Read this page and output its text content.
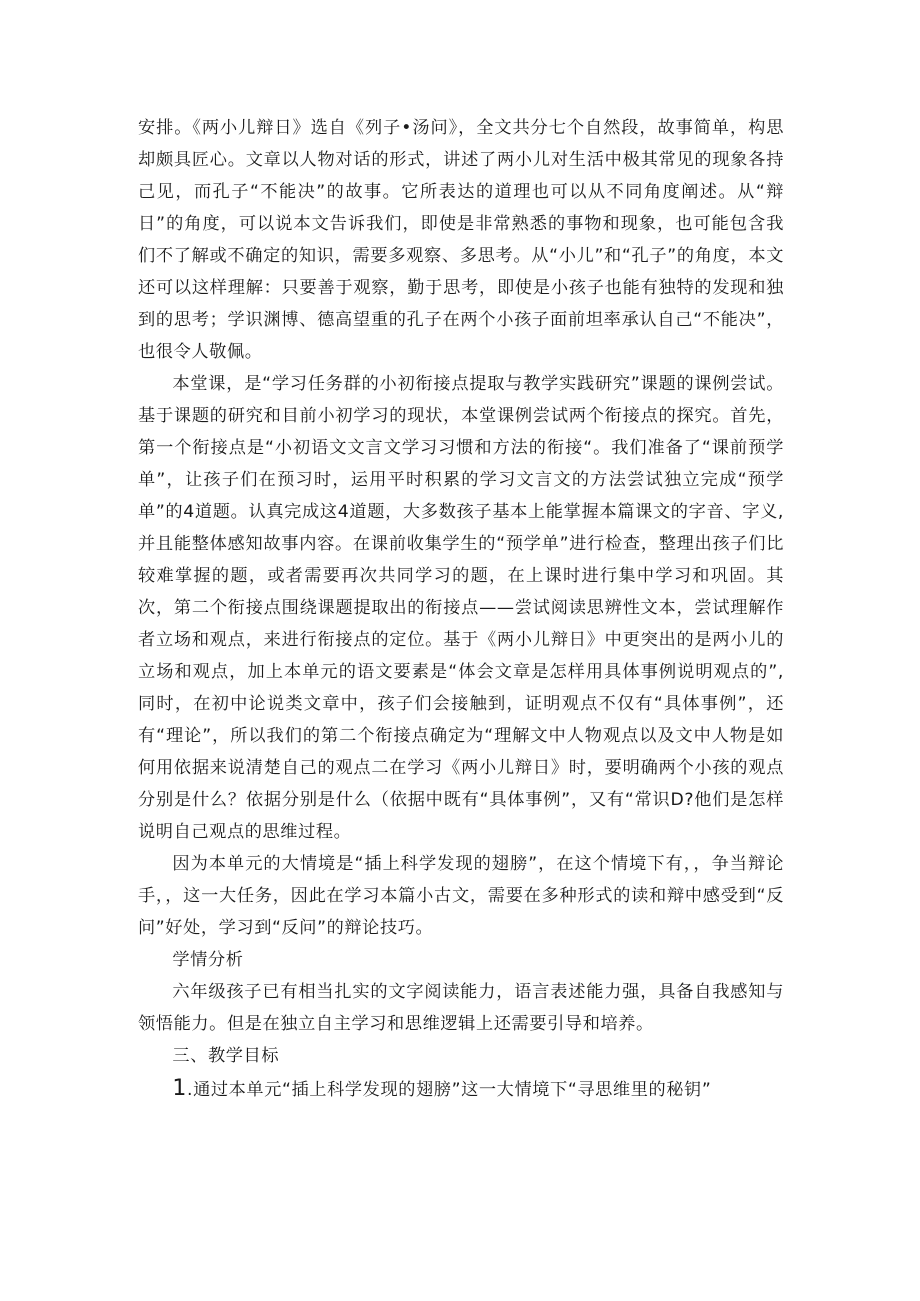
安排。《两小儿辩日》选自《列子•汤问》，全文共分七个自然段，故事简单，构思却颇具匠心。文章以人物对话的形式，讲述了两小儿对生活中极其常见的现象各持己见，而孔子“不能决”的故事。它所表达的道理也可以从不同角度阐述。从“辩日”的角度，可以说本文告诉我们，即使是非常熟悉的事物和现象，也可能包含我们不了解或不确定的知识，需要多观察、多思考。从“小儿”和“孔子”的角度，本文还可以这样理解：只要善于观察，勤于思考，即使是小孩子也能有独特的发现和独到的思考；学识渊博、德高望重的孔子在两个小孩子面前坦率承认自己“不能决”，也很令人敬佩。

本堂课，是“学习任务群的小初衔接点提取与教学实践研究”课题的课例尝试。基于课题的研究和目前小初学习的现状，本堂课例尝试两个衔接点的探究。首先，第一个衔接点是“小初语文文言文学习习惯和方法的衔接“。我们准备了“课前预学单”，让孩子们在预习时，运用平时积累的学习文言文的方法尝试独立完成“预学单”的4道题。认真完成这4道题，大多数孩子基本上能掌握本篇课文的字音、字义,并且能整体感知故事内容。在课前收集学生的“预学单”进行检查，整理出孩子们比较难掌握的题，或者需要再次共同学习的题，在上课时进行集中学习和巩固。其次，第二个衔接点围绕课题提取出的衔接点——尝试阅读思辨性文本，尝试理解作者立场和观点，来进行衔接点的定位。基于《两小儿辩日》中更突出的是两小儿的立场和观点，加上本单元的语文要素是“体会文章是怎样用具体事例说明观点的”,同时，在初中论说类文章中，孩子们会接触到，证明观点不仅有“具体事例”，还有“理论”，所以我们的第二个衔接点确定为“理解文中人物观点以及文中人物是如何用依据来说清楚自己的观点二在学习《两小儿辩日》时，要明确两个小孩的观点分别是什么？依据分别是什么（依据中既有“具体事例”，又有“常识D?他们是怎样说明自己观点的思维过程。

因为本单元的大情境是“插上科学发现的翅膀”，在这个情境下有，，争当辩论手，，这一大任务，因此在学习本篇小古文，需要在多种形式的读和辩中感受到“反问”好处，学习到“反问”的辩论技巧。

学情分析

六年级孩子已有相当扎实的文字阅读能力，语言表述能力强，具备自我感知与领悟能力。但是在独立自主学习和思维逻辑上还需要引导和培养。

三、教学目标

1.通过本单元“插上科学发现的翅膀”这一大情境下“寻思维里的秘钥”
